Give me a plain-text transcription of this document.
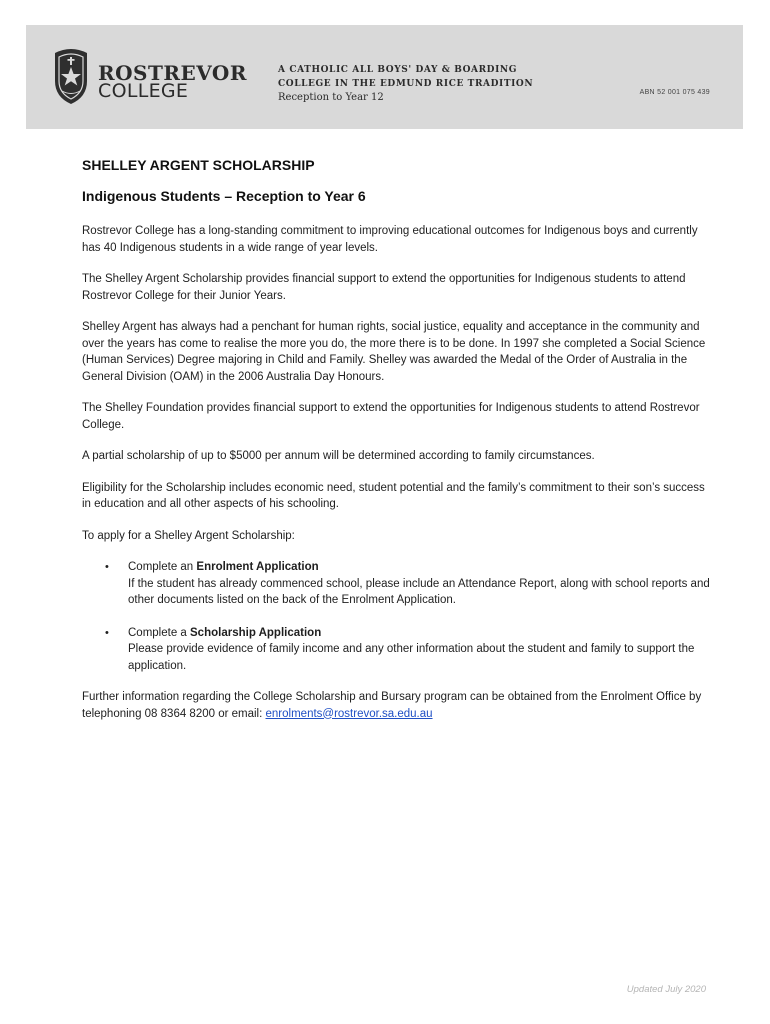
ROSTREVOR
COLLEGE
A CATHOLIC ALL BOYS' DAY & BOARDING
COLLEGE IN THE EDMUND RICE TRADITION
Reception to Year 12	ABN 52 001 075 439
SHELLEY ARGENT SCHOLARSHIP
Indigenous Students – Reception to Year 6

Rostrevor College has a long-standing commitment to improving educational outcomes for Indigenous boys and currently has 40 Indigenous students in a wide range of year levels.

The Shelley Argent Scholarship provides financial support to extend the opportunities for Indigenous students to attend Rostrevor College for their Junior Years.

Shelley Argent has always had a penchant for human rights, social justice, equality and acceptance in the community and over the years has come to realise the more you do, the more there is to be done. In 1997 she completed a Social Science (Human Services) Degree majoring in Child and Family. Shelley was awarded the Medal of the Order of Australia in the General Division (OAM) in the 2006 Australia Day Honours.

The Shelley Foundation provides financial support to extend the opportunities for Indigenous students to attend Rostrevor College.

A partial scholarship of up to $5000 per annum will be determined according to family circumstances.

Eligibility for the Scholarship includes economic need, student potential and the family’s commitment to their son’s success in education and all other aspects of his schooling.

To apply for a Shelley Argent Scholarship:

• Complete an Enrolment Application
If the student has already commenced school, please include an Attendance Report, along with school reports and other documents listed on the back of the Enrolment Application.
• Complete a Scholarship Application
Please provide evidence of family income and any other information about the student and family to support the application.

Further information regarding the College Scholarship and Bursary program can be obtained from the Enrolment Office by telephoning 08 8364 8200 or email: enrolments@rostrevor.sa.edu.au

Updated July 2020
